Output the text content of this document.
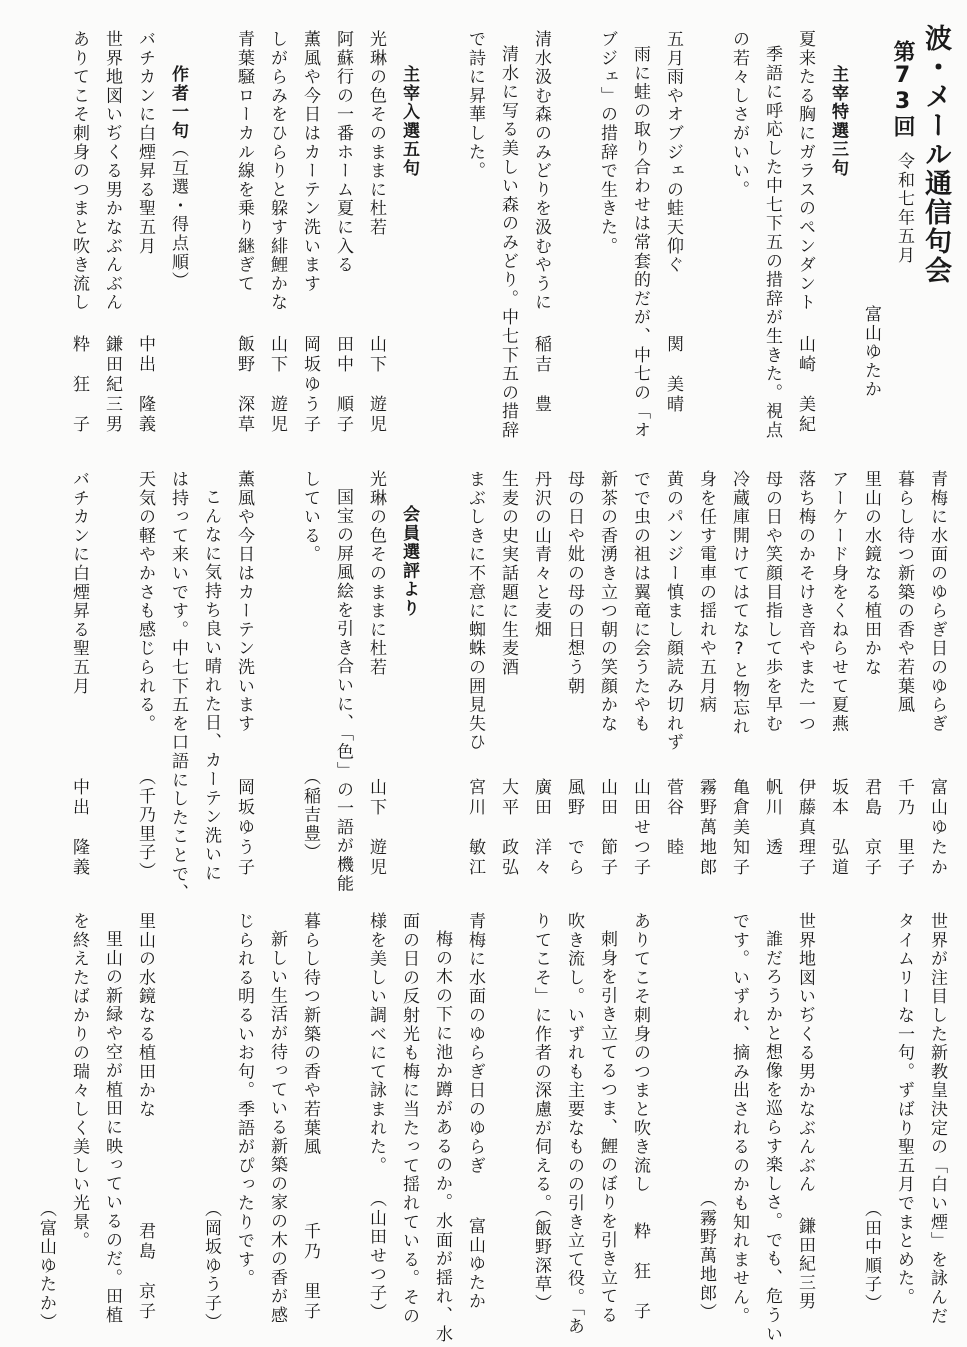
波・メール通信句会
第73回
令和七年五月
富山ゆたか
主宰特選三句
夏来たる胸にガラスのペンダント
山崎　美紀
季語に呼応した中七下五の措辞が生きた。視点
の若々しさがいい。
五月雨やオブジェの蛙天仰ぐ
関　美晴
雨に蛙の取り合わせは常套的だが、中七の「オ
ブジェ」の措辞で生きた。
清水汲む森のみどりを汲むやうに
稲吉　豊
清水に写る美しい森のみどり。中七下五の措辞
で詩に昇華した。
主宰入選五句
光琳の色そのままに杜若
山下　遊児
阿蘇行の一番ホーム夏に入る
田中　順子
薫風や今日はカーテン洗います
岡坂ゆう子
しがらみをひらりと躱す緋鯉かな
山下　遊児
青葉騒ローカル線を乗り継ぎて
飯野　深草
作者一句
（互選・得点順）
バチカンに白煙昇る聖五月
中出　隆義
世界地図いぢくる男かなぶんぶん
鎌田紀三男
ありてこそ刺身のつまと吹き流し
粋　狂　子
青梅に水面のゆらぎ日のゆらぎ
富山ゆたか
暮らし待つ新築の香や若葉風
千乃　里子
里山の水鏡なる植田かな
君島　京子
アーケード身をくねらせて夏燕
坂本　弘道
落ち梅のかそけき音やまた一つ
伊藤真理子
母の日や笑顔目指して歩を早む
帆川　透
冷蔵庫開けてはてな?と物忘れ
亀倉美知子
身を任す電車の揺れや五月病
霧野萬地郎
黄のパンジー慎まし顔読み切れず
菅谷　睦
でで虫の祖は翼竜に会うたやも
山田せつ子
新茶の香湧き立つ朝の笑顔かな
山田　節子
母の日や妣の母の日想う朝
風野　でら
丹沢の山青々と麦畑
廣田　洋々
生麦の史実話題に生麦酒
大平　政弘
まぶしきに不意に蜘蛛の囲見失ひ
宮川　敏江
会員選評より
光琳の色そのままに杜若
山下　遊児
国宝の屏風絵を引き合いに、「色」の一語が機能
している。
（稲吉豊）
薫風や今日はカーテン洗います
岡坂ゆう子
こんなに気持ち良い晴れた日、カーテン洗いに
は持って来いです。中七下五を口語にしたことで、
天気の軽やかさも感じられる。
（千乃里子）
バチカンに白煙昇る聖五月
中出　隆義
世界が注目した新教皇決定の「白い煙」を詠んだ
タイムリーな一句。ずばり聖五月でまとめた。
（田中順子）
世界地図いぢくる男かなぶんぶん
鎌田紀三男
誰だろうかと想像を巡らす楽しさ。でも、危うい
です。いずれ、摘み出されるのかも知れません。
（霧野萬地郎）
ありてこそ刺身のつまと吹き流し
粋　狂　子
刺身を引き立てるつま、鯉のぼりを引き立てる
吹き流し。いずれも主要なものの引き立て役。「あ
りてこそ」に作者の深慮が伺える。
（飯野深草）
青梅に水面のゆらぎ日のゆらぎ
富山ゆたか
梅の木の下に池か蹲があるのか。水面が揺れ、水
面の日の反射光も梅に当たって揺れている。その
様を美しい調べにて詠まれた。
（山田せつ子）
暮らし待つ新築の香や若葉風
千乃　里子
新しい生活が待っている新築の家の木の香が感
じられる明るいお句。季語がぴったりです。
（岡坂ゆう子）
里山の水鏡なる植田かな
君島　京子
里山の新緑や空が植田に映っているのだ。田植
を終えたばかりの瑞々しく美しい光景。
（富山ゆたか）
